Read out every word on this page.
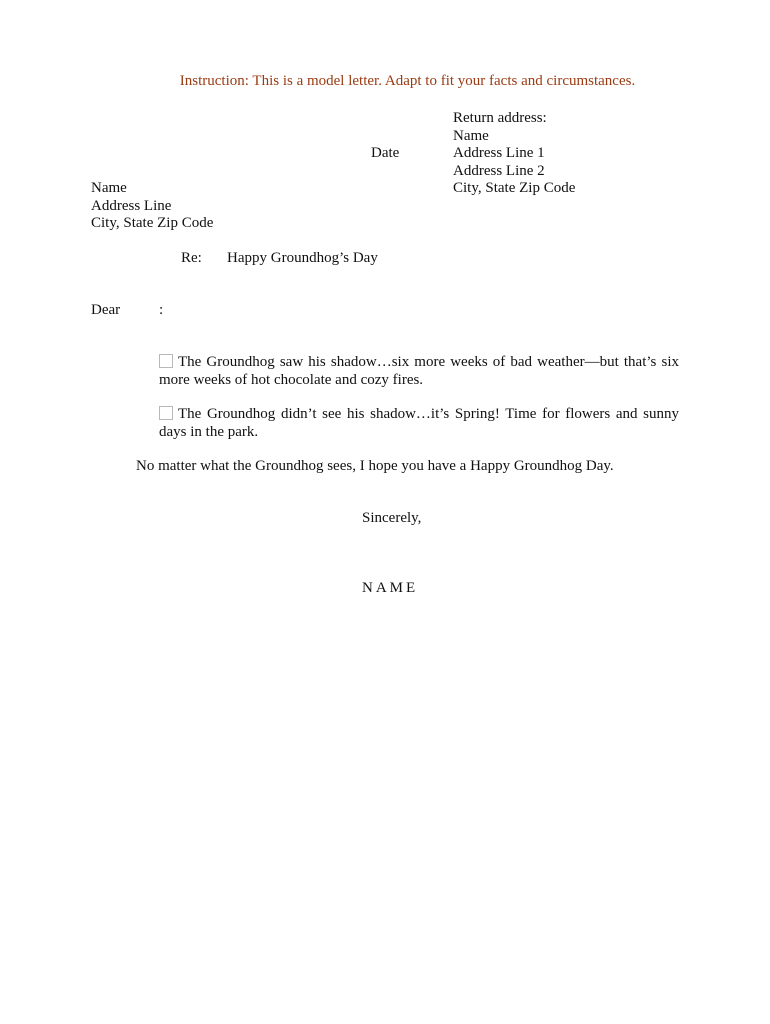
Instruction: This is a model letter. Adapt to fit your facts and circumstances.
Return address:
Name
Address Line 1
Address Line 2
City, State Zip Code
Date
Name
Address Line
City, State Zip Code
Re: Happy Groundhog’s Day
Dear	:
The Groundhog saw his shadow…six more weeks of bad weather—but that’s six more weeks of hot chocolate and cozy fires.
The Groundhog didn’t see his shadow…it’s Spring! Time for flowers and sunny days in the park.
No matter what the Groundhog sees, I hope you have a Happy Groundhog Day.
Sincerely,
NAME
